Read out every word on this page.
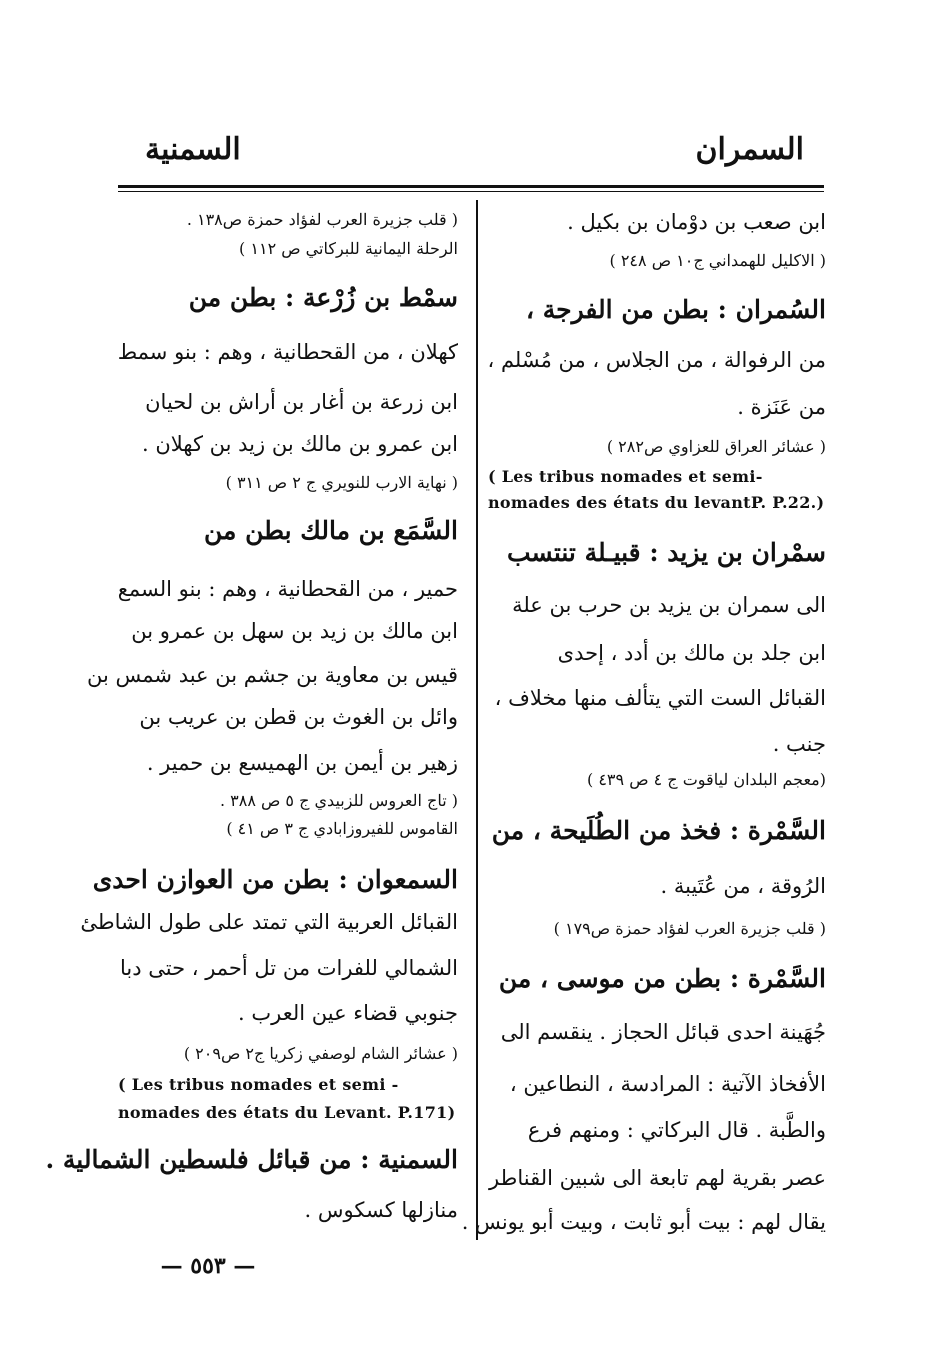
السمران
السمنية
ابن صعب بن دوْمان بن بكيل .
( الاكليل للهمداني ج١٠ ص ٢٤٨ )
السُمران : بطن من الفرجة ،
من الرفوالة ، من الجلاس ، من مُسْلم ،
من عَنَزة .
( عشائر العراق للعزاوي ص٢٨٢ )
( Les tribus nomades et semi-
nomades des états du levantP. P.22.)
سمْران بن يزيد : قبيـلة تنتسب
الى سمران بن يزيد بن حرب بن علة
ابن جلد بن مالك بن أدد ، إحدى
القبائل الست التي يتألف منها مخلاف ،
جنب .
(معجم البلدان لياقوت ج ٤ ص ٤٣٩ )
السَّمْرة : فخذ من الطُلَيحة ، من
الرُوقة ، من عُتَيبة .
( قلب جزيرة العرب لفؤاد حمزة ص١٧٩ )
السَّمْرة : بطن من موسى ، من
جُهَينة احدى قبائل الحجاز . ينقسم الى
الأفخاذ الآتية : المرادسة ، النطاعين ،
والطَّبة . قال البركاتي : ومنهم فرع
عصر بقرية لهم تابعة الى شبين القناطر
يقال لهم : بيت أبو ثابت ، وبيت أبو يونس .
( قلب جزيرة العرب لفؤاد حمزة ص١٣٨ .
الرحلة اليمانية للبركاتي ص ١١٢ )
سمْط بن زُرْعة : بطن من
كهلان ، من القحطانية ، وهم : بنو سمط
ابن زرعة بن أغار بن أراش بن لحيان
ابن عمرو بن مالك بن زيد بن كهلان .
( نهاية الارب للنويري ج ٢ ص ٣١١ )
السَّمَع بن مالك بطن من
حمير ، من القحطانية ، وهم : بنو السمع
ابن مالك بن زيد بن سهل بن عمرو بن
قيس بن معاوية بن جشم بن عبد شمس بن
وائل بن الغوث بن قطن بن عريب بن
زهير بن أيمن بن الهميسع بن حمير .
( تاج العروس للزبيدي ج ٥ ص ٣٨٨ .
القاموس للفيروزابادي ج ٣ ص ٤١ )
السمعوان : بطن من العوازن احدى
القبائل العربية التي تمتد على طول الشاطئ
الشمالي للفرات من تل أحمر ، حتى دبا
جنوبي قضاء عين العرب .
( عشائر الشام لوصفي زكريا ج٢ ص٢٠٩ )
( Les tribus nomades et semi -
nomades des états du Levant. P.171)
السمنية : من قبائل فلسطين الشمالية .
منازلها كسكوس .
— ٥٥٣ —
